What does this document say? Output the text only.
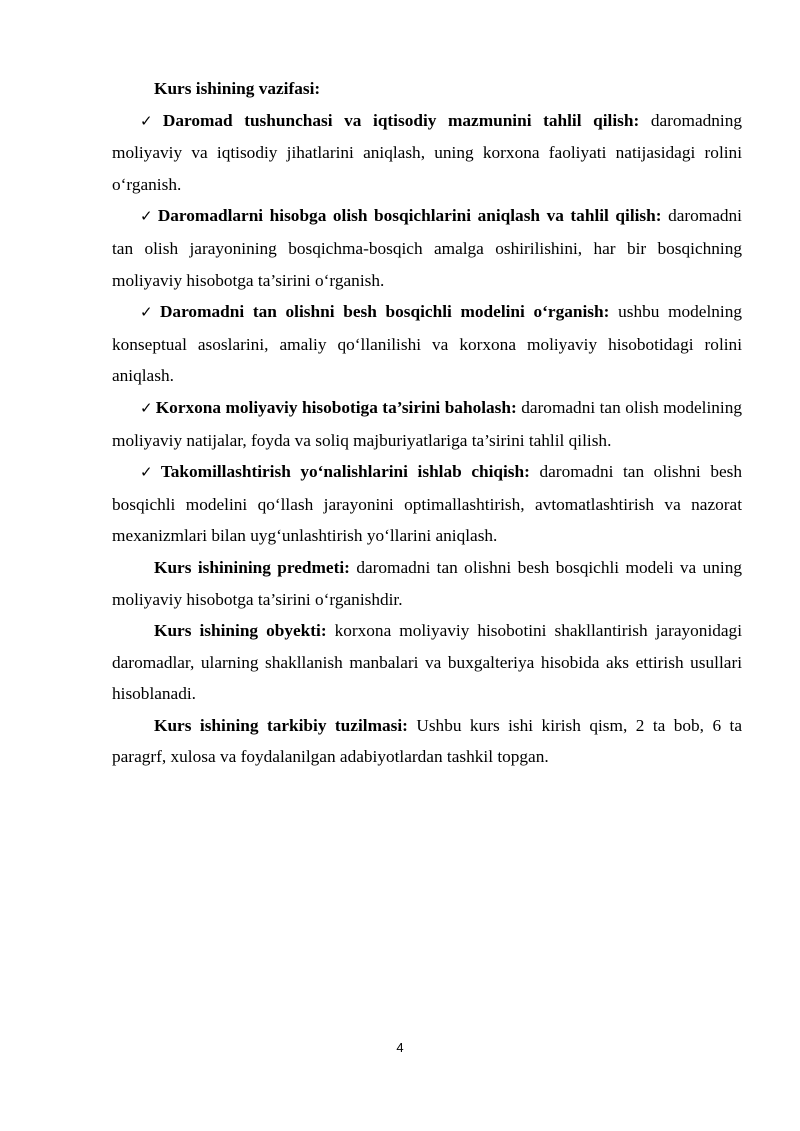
Kurs ishining vazifasi:

✓ Daromad tushunchasi va iqtisodiy mazmunini tahlil qilish: daromadning moliyaviy va iqtisodiy jihatlarini aniqlash, uning korxona faoliyati natijasidagi rolini o‘rganish.

✓ Daromadlarni hisobga olish bosqichlarini aniqlash va tahlil qilish: daromadni tan olish jarayonining bosqichma-bosqich amalga oshirilishini, har bir bosqichning moliyaviy hisobotga ta’sirini o‘rganish.

✓ Daromadni tan olishni besh bosqichli modelini o‘rganish: ushbu modelning konseptual asoslarini, amaliy qo‘llanilishi va korxona moliyaviy hisobotidagi rolini aniqlash.

✓ Korxona moliyaviy hisobotiga ta’sirini baholash: daromadni tan olish modelining moliyaviy natijalar, foyda va soliq majburiyatlariga ta’sirini tahlil qilish.

✓ Takomillashtirish yo‘nalishlarini ishlab chiqish: daromadni tan olishni besh bosqichli modelini qo‘llash jarayonini optimallashtirish, avtomatlashtirish va nazorat mexanizmlari bilan uyg‘unlashtirish yo‘llarini aniqlash.

Kurs ishinining predmeti: daromadni tan olishni besh bosqichli modeli va uning moliyaviy hisobotga ta’sirini o‘rganishdir.

Kurs ishining obyekti: korxona moliyaviy hisobotini shakllantirish jarayonidagi daromadlar, ularning shakllanish manbalari va buxgalteriya hisobida aks ettirish usullari hisoblanadi.

Kurs ishining tarkibiy tuzilmasi: Ushbu kurs ishi kirish qism, 2 ta bob, 6 ta paragrf, xulosa va foydalanilgan adabiyotlardan tashkil topgan.

4
